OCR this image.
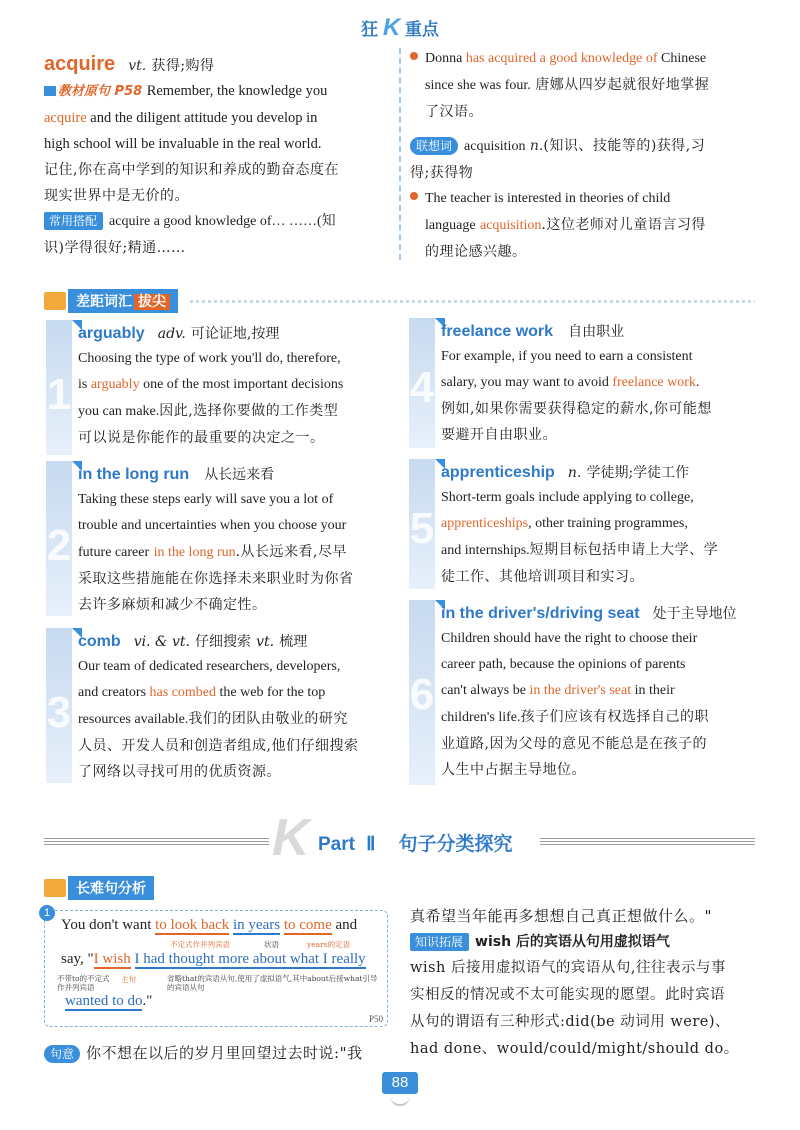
狂 K 重点
acquire vt. 获得;购得
教材原句 P58 Remember, the knowledge you
acquire and the diligent attitude you develop in
high school will be invaluable in the real world.
记住,你在高中学到的知识和养成的勤奋态度在
现实世界中是无价的。
常用搭配 acquire a good knowledge of… ……(知
识)学得很好;精通……
Donna has acquired a good knowledge of Chinese
since she was four. 唐娜从四岁起就很好地掌握
了汉语。
联想词 acquisition n.(知识、技能等的)获得,习
得;获得物
The teacher is interested in theories of child
language acquisition.这位老师对儿童语言习得
的理论感兴趣。
差距词汇 拔尖
1
arguably adv. 可论证地,按理
Choosing the type of work you'll do, therefore,
is arguably one of the most important decisions
you can make.因此,选择你要做的工作类型
可以说是你能作的最重要的决定之一。
2
in the long run 从长远来看
Taking these steps early will save you a lot of
trouble and uncertainties when you choose your
future career in the long run.从长远来看,尽早
采取这些措施能在你选择未来职业时为你省
去许多麻烦和减少不确定性。
3
comb vi. & vt. 仔细搜索 vt. 梳理
Our team of dedicated researchers, developers,
and creators has combed the web for the top
resources available.我们的团队由敬业的研究
人员、开发人员和创造者组成,他们仔细搜索
了网络以寻找可用的优质资源。
4
freelance work 自由职业
For example, if you need to earn a consistent
salary, you may want to avoid freelance work.
例如,如果你需要获得稳定的薪水,你可能想
要避开自由职业。
5
apprenticeship n. 学徒期;学徒工作
Short-term goals include applying to college,
apprenticeships, other training programmes,
and internships.短期目标包括申请上大学、学
徒工作、其他培训项目和实习。
6
in the driver's/driving seat 处于主导地位
Children should have the right to choose their
career path, because the opinions of parents
can't always be in the driver's seat in their
children's life.孩子们应该有权选择自己的职
业道路,因为父母的意见不能总是在孩子的
人生中占据主导地位。
K Part Ⅱ 句子分类探究
长难句分析
1
You don't want to look back in years to come and
不定式作并列宾语	状语	years的定语
say, "I wish I had thought more about what I really
不带to的不定式作并列宾语
主句	省略that的宾语从句,使用了虚拟语气,其中about后接what引导的宾语从句
wanted to do."
P50
句意 你不想在以后的岁月里回望过去时说:"我
真希望当年能再多想想自己真正想做什么。"
知识拓展 wish 后的宾语从句用虚拟语气
wish 后接用虚拟语气的宾语从句,往往表示与事
实相反的情况或不太可能实现的愿望。此时宾语
从句的谓语有三种形式:did(be 动词用 were)、
had done、would/could/might/should do。
88
